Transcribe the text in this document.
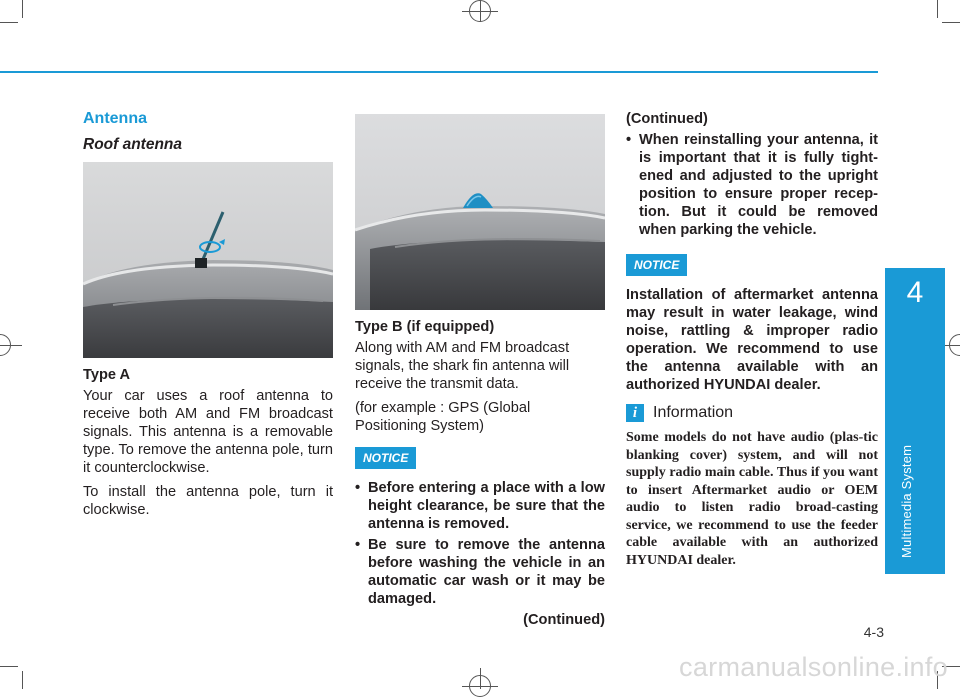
4
Multimedia System
Antenna
Roof antenna
Type A

Your car uses a roof antenna to receive both AM and FM broadcast signals. This antenna is a removable type. To remove the antenna pole, turn it counterclockwise.

To install the antenna pole, turn it clockwise.

Type B (if equipped)

Along with AM and FM broadcast signals, the shark fin antenna will receive the transmit data.

(for example : GPS (Global Positioning System)

NOTICE
• Before entering a place with a low height clearance, be sure that the antenna is removed.
• Be sure to remove the antenna before washing the vehicle in an automatic car wash or it may be damaged.
(Continued)
(Continued)
• When reinstalling your antenna, it is important that it is fully tight-ened and adjusted to the upright position to ensure proper recep-tion. But it could be removed when parking the vehicle.
NOTICE

Installation of aftermarket antenna may result in water leakage, wind noise, rattling & improper radio operation. We recommend to use the antenna available with an authorized HYUNDAI dealer.

i Information
Some models do not have audio (plas-tic blanking cover) system, and will not supply radio main cable. Thus if you want to insert Aftermarket audio or OEM audio to listen radio broad-casting service, we recommend to use the feeder cable available with an authorized HYUNDAI dealer.
4-3
carmanualsonline.info
